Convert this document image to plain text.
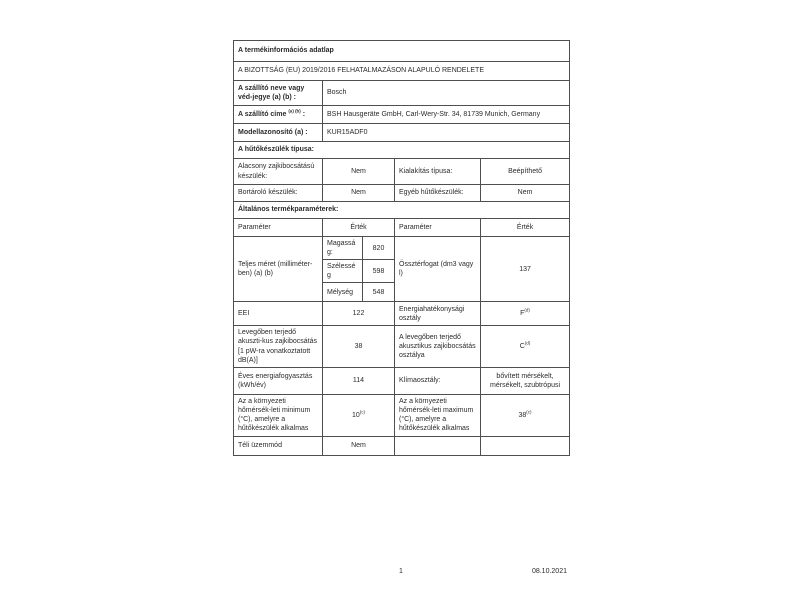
A termékinformációs adatlap				
A BIZOTTSÁG (EU) 2019/2016 FELHATALMAZÁSON ALAPULÓ RENDELETE				
A szállító neve vagy véd-jegye (a) (b) :	Bosch			
A szállító címe $^{(a) (b)}$ :	BSH Hausgeräte GmbH, Carl-Wery-Str. 34, 81739 Munich, Germany			
Modellazonosító (a) :	KUR15ADF0			
A hűtőkészülék típusa:				
Alacsony zajkibocsátású készülék:	Nem		Kialakítás típusa:	Beépíthető
Bortároló készülék:	Nem		Egyéb hűtőkészülék:	Nem
Általános termékparaméterek:				
Paraméter	Érték		Paraméter	Érték
Teljes méret (milliméter-ben) (a) (b)	Magasság:	820	Össztérfogat (dm3 vagy l)	137
	Szélesség	598		
	Mélység	548		
EEI	122		Energiahatékonysági osztály	F$^{(d)}$
Levegőben terjedő akuszti-kus zajkibocsátás [1 pW-ra vonatkoztatott dB(A)]	38		A levegőben terjedő akusztikus zajkibocsátás osztálya	C$^{(d)}$
Éves energiafogyasztás (kWh/év)	114		Klímaosztály:	bővített mérsékelt, mérsékelt, szubtrópusi
Az a környezeti hőmérsék-leti minimum (°C), amelyre a hűtőkészülék alkalmas	10$^{(c)}$		Az a környezeti hőmérsék-leti maximum (°C), amelyre a hűtőkészülék alkalmas	38$^{(c)}$
Téli üzemmód	Nem			
1	08.10.2021
